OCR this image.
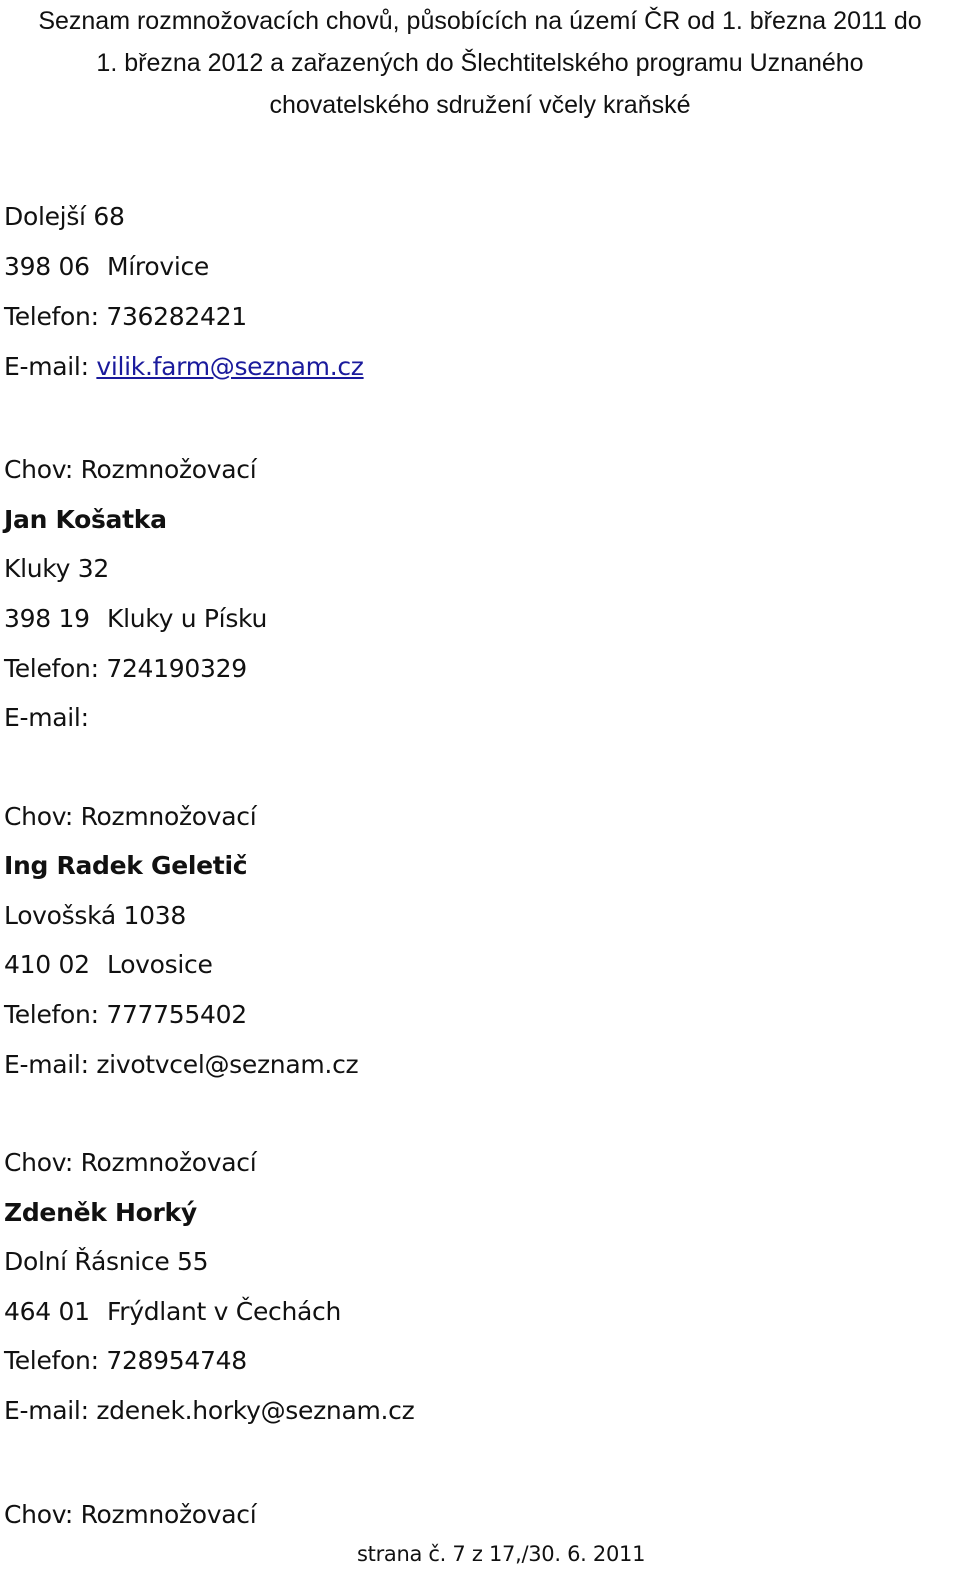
Seznam rozmnožovacích chovů, působících na území ČR od 1. března 2011 do
1. března 2012 a zařazených do Šlechtitelského programu Uznaného
chovatelského sdružení včely kraňské
Dolejší 68
398 06 Mírovice
Telefon: 736282421
E-mail: vilik.farm@seznam.cz
Chov: Rozmnožovací
Jan Košatka
Kluky 32
398 19 Kluky u Písku
Telefon: 724190329
E-mail:
Chov: Rozmnožovací
Ing Radek Geletič
Lovošská 1038
410 02 Lovosice
Telefon: 777755402
E-mail: zivotvcel@seznam.cz
Chov: Rozmnožovací
Zdeněk Horký
Dolní Řásnice 55
464 01 Frýdlant v Čechách
Telefon: 728954748
E-mail: zdenek.horky@seznam.cz
Chov: Rozmnožovací
strana č. 7 z 17,/30. 6. 2011
